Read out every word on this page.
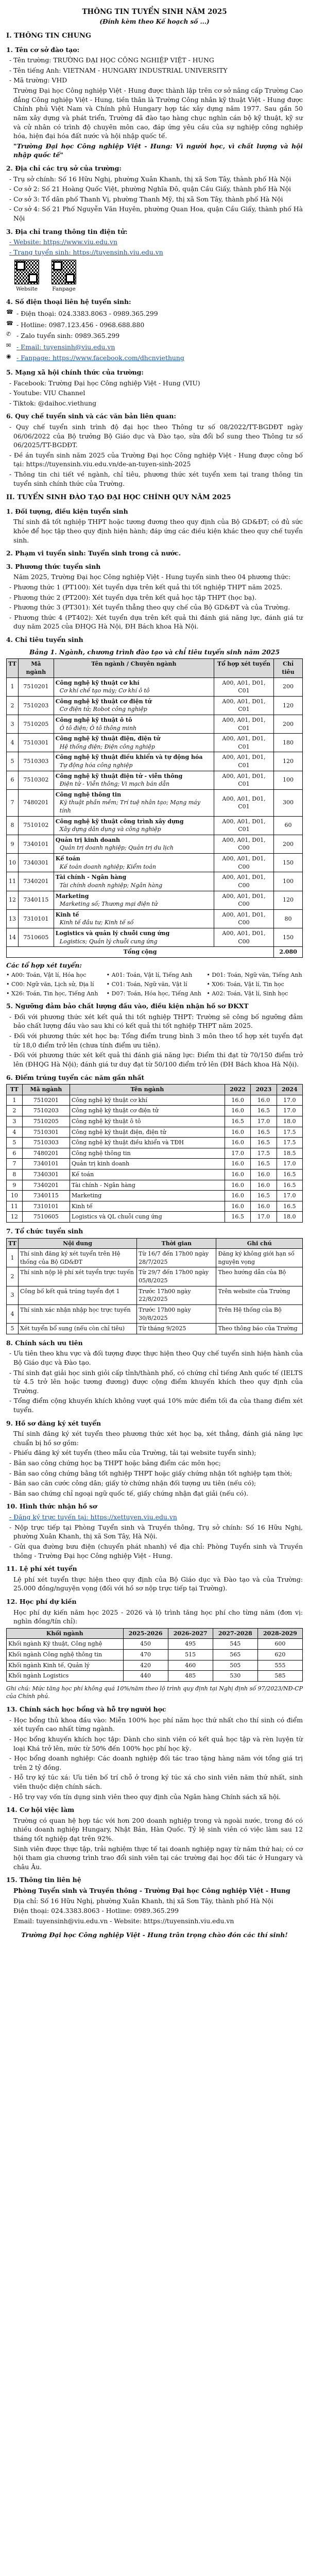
THÔNG TIN TUYỂN SINH NĂM 2025
(Đính kèm theo Kế hoạch số ...)
I. THÔNG TIN CHUNG
1. Tên cơ sở đào tạo:

- Tên trường: TRƯỜNG ĐẠI HỌC CÔNG NGHIỆP VIỆT - HUNG

- Tên tiếng Anh: VIETNAM - HUNGARY INDUSTRIAL UNIVERSITY

- Mã trường: VHD

Trường Đại học Công nghiệp Việt - Hung được thành lập trên cơ sở nâng cấp Trường Cao đẳng Công nghiệp Việt - Hung, tiền thân là Trường Công nhân kỹ thuật Việt - Hung được Chính phủ Việt Nam và Chính phủ Hungary hợp tác xây dựng năm 1977. Sau gần 50 năm xây dựng và phát triển, Trường đã đào tạo hàng chục nghìn cán bộ kỹ thuật, kỹ sư và cử nhân có trình độ chuyên môn cao, đáp ứng yêu cầu của sự nghiệp công nghiệp hóa, hiện đại hóa đất nước và hội nhập quốc tế.

"Trường Đại học Công nghiệp Việt - Hung: Vì người học, vì chất lượng và hội nhập quốc tế"

2. Địa chỉ các trụ sở của trường:

- Trụ sở chính: Số 16 Hữu Nghị, phường Xuân Khanh, thị xã Sơn Tây, thành phố Hà Nội

- Cơ sở 2: Số 21 Hoàng Quốc Việt, phường Nghĩa Đô, quận Cầu Giấy, thành phố Hà Nội

- Cơ sở 3: Tổ dân phố Thanh Vị, phường Thanh Mỹ, thị xã Sơn Tây, thành phố Hà Nội

- Cơ sở 4: Số 21 Phố Nguyễn Văn Huyên, phường Quan Hoa, quận Cầu Giấy, thành phố Hà Nội

3. Địa chỉ trang thông tin điện tử:

- Website: https://www.viu.edu.vn

- Trang tuyển sinh: https://tuyensinh.viu.edu.vn

Website	Fanpage
4. Số điện thoại liên hệ tuyển sinh:
☎ - Điện thoại: 024.3383.8063 - 0989.365.299

☎ - Hotline: 0987.123.456 - 0968.688.880

✆ - Zalo tuyển sinh: 0989.365.299

✉ - Email: tuyensinh@viu.edu.vn

◉ - Fanpage: https://www.facebook.com/dhcnviethung

5. Mạng xã hội chính thức của trường:

- Facebook: Trường Đại học Công nghiệp Việt - Hung (VIU)

- Youtube: VIU Channel

- Tiktok: @daihoc.viethung

6. Quy chế tuyển sinh và các văn bản liên quan:

- Quy chế tuyển sinh trình độ đại học theo Thông tư số 08/2022/TT-BGDĐT ngày 06/06/2022 của Bộ trưởng Bộ Giáo dục và Đào tạo, sửa đổi bổ sung theo Thông tư số 06/2025/TT-BGDĐT.

- Đề án tuyển sinh năm 2025 của Trường Đại học Công nghiệp Việt - Hung được công bố tại: https://tuyensinh.viu.edu.vn/de-an-tuyen-sinh-2025

- Thông tin chi tiết về ngành, chỉ tiêu, phương thức xét tuyển xem tại trang thông tin tuyển sinh chính thức của Trường.

II. TUYỂN SINH ĐÀO TẠO ĐẠI HỌC CHÍNH QUY NĂM 2025
1. Đối tượng, điều kiện tuyển sinh

Thí sinh đã tốt nghiệp THPT hoặc tương đương theo quy định của Bộ GD&ĐT; có đủ sức khỏe để học tập theo quy định hiện hành; đáp ứng các điều kiện khác theo quy chế tuyển sinh.

2. Phạm vi tuyển sinh: Tuyển sinh trong cả nước.
3. Phương thức tuyển sinh

Năm 2025, Trường Đại học Công nghiệp Việt - Hung tuyển sinh theo 04 phương thức:

- Phương thức 1 (PT100): Xét tuyển dựa trên kết quả thi tốt nghiệp THPT năm 2025.

- Phương thức 2 (PT200): Xét tuyển dựa trên kết quả học tập THPT (học bạ).

- Phương thức 3 (PT301): Xét tuyển thẳng theo quy chế của Bộ GD&ĐT và của Trường.

- Phương thức 4 (PT402): Xét tuyển dựa trên kết quả thi đánh giá năng lực, đánh giá tư duy năm 2025 của ĐHQG Hà Nội, ĐH Bách khoa Hà Nội.

4. Chỉ tiêu tuyển sinh
Bảng 1. Ngành, chương trình đào tạo và chỉ tiêu tuyển sinh năm 2025
TT	Mã ngành	Tên ngành / Chuyên ngành	Tổ hợp xét tuyển	Chỉ tiêu
1	7510201	Công nghệ kỹ thuật cơ khí
Cơ khí chế tạo máy; Cơ khí ô tô	A00, A01, D01, C01	200
2	7510203	Công nghệ kỹ thuật cơ điện tử
Cơ điện tử; Robot công nghiệp	A00, A01, D01, C01	120
3	7510205	Công nghệ kỹ thuật ô tô
Ô tô điện; Ô tô thông minh	A00, A01, D01, C01	200
4	7510301	Công nghệ kỹ thuật điện, điện tử
Hệ thống điện; Điện công nghiệp	A00, A01, D01, C01	180
5	7510303	Công nghệ kỹ thuật điều khiển và tự động hóa
Tự động hóa công nghiệp	A00, A01, D01, C01	120
6	7510302	Công nghệ kỹ thuật điện tử - viễn thông
Điện tử - Viễn thông; Vi mạch bán dẫn	A00, A01, D01, C01	100
7	7480201	Công nghệ thông tin
Kỹ thuật phần mềm; Trí tuệ nhân tạo; Mạng máy tính	A00, A01, D01, C01	300
8	7510102	Công nghệ kỹ thuật công trình xây dựng
Xây dựng dân dụng và công nghiệp	A00, A01, D01, C01	60
9	7340101	Quản trị kinh doanh
Quản trị doanh nghiệp; Quản trị du lịch	A00, A01, D01, C00	200
10	7340301	Kế toán
Kế toán doanh nghiệp; Kiểm toán	A00, A01, D01, C00	150
11	7340201	Tài chính - Ngân hàng
Tài chính doanh nghiệp; Ngân hàng	A00, A01, D01, C00	100
12	7340115	Marketing
Marketing số; Thương mại điện tử	A00, A01, D01, C00	120
13	7310101	Kinh tế
Kinh tế đầu tư; Kinh tế số	A00, A01, D01, C00	80
14	7510605	Logistics và quản lý chuỗi cung ứng
Logistics; Quản lý chuỗi cung ứng	A00, A01, D01, C00	150
Tổng cộng				2.080
Các tổ hợp xét tuyển:
• A00: Toán, Vật lí, Hóa học	• A01: Toán, Vật lí, Tiếng Anh	• D01: Toán, Ngữ văn, Tiếng Anh
• C00: Ngữ văn, Lịch sử, Địa lí	• C01: Toán, Ngữ văn, Vật lí	• X06: Toán, Vật lí, Tin học
• X26: Toán, Tin học, Tiếng Anh	• D07: Toán, Hóa học, Tiếng Anh • A02: Toán, Vật lí, Sinh học
5. Ngưỡng đảm bảo chất lượng đầu vào, điều kiện nhận hồ sơ ĐKXT

- Đối với phương thức xét kết quả thi tốt nghiệp THPT: Trường sẽ công bố ngưỡng đảm bảo chất lượng đầu vào sau khi có kết quả thi tốt nghiệp THPT năm 2025.

- Đối với phương thức xét học bạ: Tổng điểm trung bình 3 môn theo tổ hợp xét tuyển đạt từ 18,0 điểm trở lên (chưa tính điểm ưu tiên).

- Đối với phương thức xét kết quả thi đánh giá năng lực: Điểm thi đạt từ 70/150 điểm trở lên (ĐHQG Hà Nội); đánh giá tư duy đạt từ 50/100 điểm trở lên (ĐH Bách khoa Hà Nội).

6. Điểm trúng tuyển các năm gần nhất
TT	Mã ngành	Tên ngành	2022	2023	2024
1	7510201	Công nghệ kỹ thuật cơ khí	16.0	16.0	17.0
2	7510203	Công nghệ kỹ thuật cơ điện tử	16.0	16.5	17.0
3	7510205	Công nghệ kỹ thuật ô tô	16.5	17.0	18.0
4	7510301	Công nghệ kỹ thuật điện, điện tử	16.0	16.5	17.5
5	7510303	Công nghệ kỹ thuật điều khiển và TĐH	16.0	16.5	17.5
6	7480201	Công nghệ thông tin	17.0	17.5	18.5
7	7340101	Quản trị kinh doanh	16.0	16.5	17.0
8	7340301	Kế toán	16.0	16.0	16.5
9	7340201	Tài chính - Ngân hàng	16.0	16.0	16.5
10	7340115	Marketing	16.0	16.5	17.0
11	7310101	Kinh tế	16.0	16.0	16.5
12	7510605	Logistics và QL chuỗi cung ứng	16.5	17.0	18.0
7. Tổ chức tuyển sinh
TT	Nội dung	Thời gian	Ghi chú
1	Thí sinh đăng ký xét tuyển trên Hệ thống của Bộ GD&ĐT	Từ 16/7 đến 17h00 ngày 28/7/2025	Đăng ký không giới hạn số nguyện vọng
2	Thí sinh nộp lệ phí xét tuyển trực tuyến	Từ 29/7 đến 17h00 ngày 05/8/2025	Theo hướng dẫn của Bộ
3	Công bố kết quả trúng tuyển đợt 1	Trước 17h00 ngày 22/8/2025	Trên website của Trường
4	Thí sinh xác nhận nhập học trực tuyến	Trước 17h00 ngày 30/8/2025	Trên Hệ thống của Bộ
5	Xét tuyển bổ sung (nếu còn chỉ tiêu)	Từ tháng 9/2025	Theo thông báo của Trường
8. Chính sách ưu tiên

- Ưu tiên theo khu vực và đối tượng được thực hiện theo Quy chế tuyển sinh hiện hành của Bộ Giáo dục và Đào tạo.

- Thí sinh đạt giải học sinh giỏi cấp tỉnh/thành phố, có chứng chỉ tiếng Anh quốc tế (IELTS từ 4.5 trở lên hoặc tương đương) được cộng điểm khuyến khích theo quy định của Trường.

- Tổng điểm cộng khuyến khích không vượt quá 10% mức điểm tối đa của thang điểm xét tuyển.

9. Hồ sơ đăng ký xét tuyển

Thí sinh đăng ký xét tuyển theo phương thức xét học bạ, xét thẳng, đánh giá năng lực chuẩn bị hồ sơ gồm:

- Phiếu đăng ký xét tuyển (theo mẫu của Trường, tải tại website tuyển sinh);

- Bản sao công chứng học bạ THPT hoặc bảng điểm các môn học;

- Bản sao công chứng bằng tốt nghiệp THPT hoặc giấy chứng nhận tốt nghiệp tạm thời;

- Bản sao căn cước công dân; giấy tờ chứng nhận đối tượng ưu tiên (nếu có);

- Bản sao chứng chỉ ngoại ngữ quốc tế, giấy chứng nhận đạt giải (nếu có).

10. Hình thức nhận hồ sơ

- Đăng ký trực tuyến tại: https://xettuyen.viu.edu.vn

- Nộp trực tiếp tại Phòng Tuyển sinh và Truyền thông, Trụ sở chính: Số 16 Hữu Nghị, phường Xuân Khanh, thị xã Sơn Tây, Hà Nội.

- Gửi qua đường bưu điện (chuyển phát nhanh) về địa chỉ: Phòng Tuyển sinh và Truyền thông - Trường Đại học Công nghiệp Việt - Hung.

11. Lệ phí xét tuyển

Lệ phí xét tuyển thực hiện theo quy định của Bộ Giáo dục và Đào tạo và của Trường: 25.000 đồng/nguyện vọng (đối với hồ sơ nộp trực tiếp tại Trường).

12. Học phí dự kiến

Học phí dự kiến năm học 2025 - 2026 và lộ trình tăng học phí cho từng năm (đơn vị: nghìn đồng/tín chỉ):

Khối ngành	2025-2026	2026-2027	2027-2028	2028-2029
Khối ngành Kỹ thuật, Công nghệ	450	495	545	600
Khối ngành Công nghệ thông tin	470	515	565	620
Khối ngành Kinh tế, Quản lý	420	460	505	555
Khối ngành Logistics	440	485	530	585

Ghi chú: Mức tăng học phí không quá 10%/năm theo lộ trình quy định tại Nghị định số 97/2023/NĐ-CP của Chính phủ.

13. Chính sách học bổng và hỗ trợ người học

- Học bổng thủ khoa đầu vào: Miễn 100% học phí năm học thứ nhất cho thí sinh có điểm xét tuyển cao nhất từng ngành.

- Học bổng khuyến khích học tập: Dành cho sinh viên có kết quả học tập và rèn luyện từ loại Khá trở lên, mức từ 50% đến 100% học phí học kỳ.

- Học bổng doanh nghiệp: Các doanh nghiệp đối tác trao tặng hàng năm với tổng giá trị trên 2 tỷ đồng.

- Hỗ trợ ký túc xá: Ưu tiên bố trí chỗ ở trong ký túc xá cho sinh viên năm thứ nhất, sinh viên thuộc diện chính sách.

- Hỗ trợ vay vốn tín dụng sinh viên theo quy định của Ngân hàng Chính sách xã hội.

14. Cơ hội việc làm

Trường có quan hệ hợp tác với hơn 200 doanh nghiệp trong và ngoài nước, trong đó có nhiều doanh nghiệp Hungary, Nhật Bản, Hàn Quốc. Tỷ lệ sinh viên có việc làm sau 12 tháng tốt nghiệp đạt trên 92%.

Sinh viên được thực tập, trải nghiệm thực tế tại doanh nghiệp ngay từ năm thứ hai; có cơ hội tham gia chương trình trao đổi sinh viên tại các trường đại học đối tác ở Hungary và châu Âu.

15. Thông tin liên hệ

Phòng Tuyển sinh và Truyền thông - Trường Đại học Công nghiệp Việt - Hung

Địa chỉ: Số 16 Hữu Nghị, phường Xuân Khanh, thị xã Sơn Tây, thành phố Hà Nội

Điện thoại: 024.3383.8063 - Hotline: 0989.365.299

Email: tuyensinh@viu.edu.vn - Website: https://tuyensinh.viu.edu.vn

Trường Đại học Công nghiệp Việt - Hung trân trọng chào đón các thí sinh!
